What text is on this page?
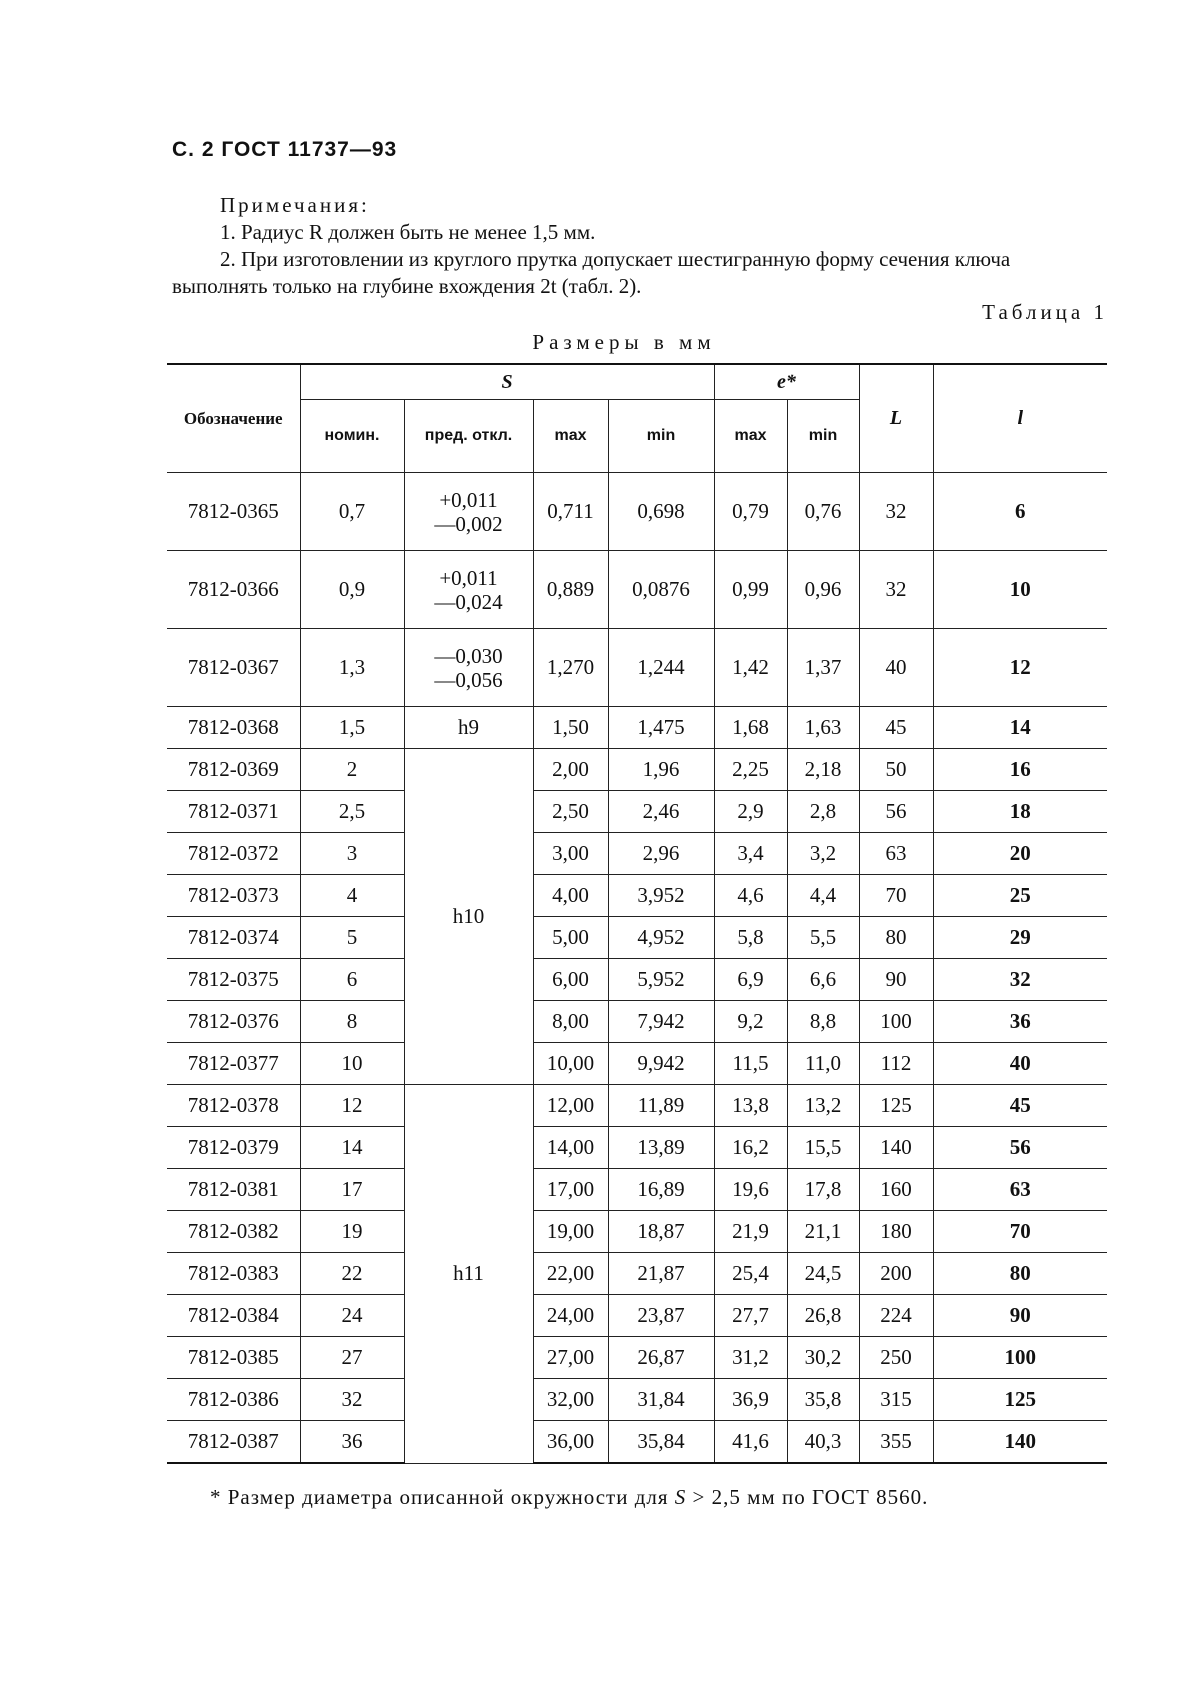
С. 2 ГОСТ 11737—93
Примечания:

1. Радиус R должен быть не менее 1,5 мм.

2. При изготовлении из круглого прутка допускает шестигранную форму сечения ключа выполнять только на глубине вхождения 2t (табл. 2).

Таблица 1
Размеры в мм
Обозначение	S				e*		L	l
	номин.	пред. откл.	max	min	max	min		
7812-0365	0,7	+0,011
—0,002	0,711	0,698	0,79	0,76	32	6
7812-0366	0,9	+0,011
—0,024	0,889	0,0876	0,99	0,96	32	10
7812-0367	1,3	—0,030
—0,056	1,270	1,244	1,42	1,37	40	12
7812-0368	1,5	h9	1,50	1,475	1,68	1,63	45	14
7812-0369	2	h10	2,00	1,96	2,25	2,18	50	16
7812-0371	2,5		2,50	2,46	2,9	2,8	56	18
7812-0372	3		3,00	2,96	3,4	3,2	63	20
7812-0373	4		4,00	3,952	4,6	4,4	70	25
7812-0374	5		5,00	4,952	5,8	5,5	80	29
7812-0375	6		6,00	5,952	6,9	6,6	90	32
7812-0376	8		8,00	7,942	9,2	8,8	100	36
7812-0377	10		10,00	9,942	11,5	11,0	112	40
7812-0378	12	h11	12,00	11,89	13,8	13,2	125	45
7812-0379	14		14,00	13,89	16,2	15,5	140	56
7812-0381	17		17,00	16,89	19,6	17,8	160	63
7812-0382	19		19,00	18,87	21,9	21,1	180	70
7812-0383	22		22,00	21,87	25,4	24,5	200	80
7812-0384	24		24,00	23,87	27,7	26,8	224	90
7812-0385	27		27,00	26,87	31,2	30,2	250	100
7812-0386	32		32,00	31,84	36,9	35,8	315	125
7812-0387	36		36,00	35,84	41,6	40,3	355	140
* Размер диаметра описанной окружности для S > 2,5 мм по ГОСТ 8560.
